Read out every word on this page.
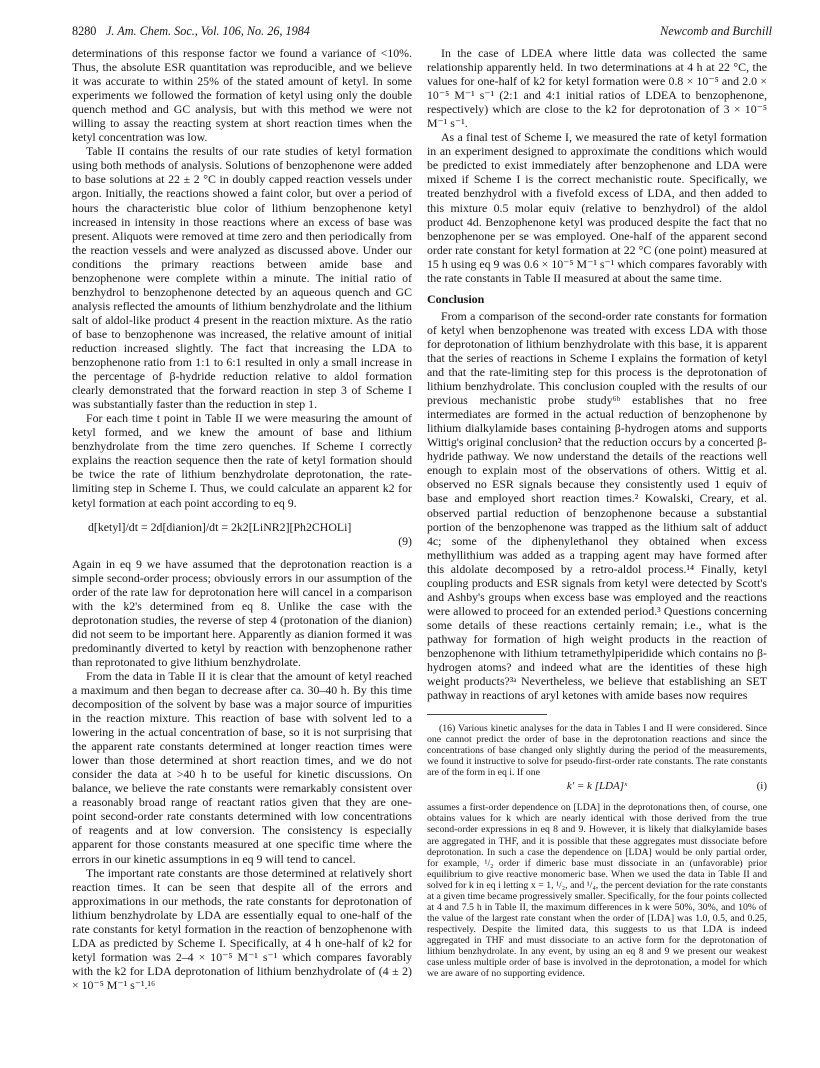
8280 J. Am. Chem. Soc., Vol. 106, No. 26, 1984	Newcomb and Burchill

determinations of this response factor we found a variance of <10%. Thus, the absolute ESR quantitation was reproducible, and we believe it was accurate to within 25% of the stated amount of ketyl. In some experiments we followed the formation of ketyl using only the double quench method and GC analysis, but with this method we were not willing to assay the reacting system at short reaction times when the ketyl concentration was low.

Table II contains the results of our rate studies of ketyl formation using both methods of analysis. Solutions of benzophenone were added to base solutions at 22 ± 2 °C in doubly capped reaction vessels under argon. Initially, the reactions showed a faint color, but over a period of hours the characteristic blue color of lithium benzophenone ketyl increased in intensity in those reactions where an excess of base was present. Aliquots were removed at time zero and then periodically from the reaction vessels and were analyzed as discussed above. Under our conditions the primary reactions between amide base and benzophenone were complete within a minute. The initial ratio of benzhydrol to benzophenone detected by an aqueous quench and GC analysis reflected the amounts of lithium benzhydrolate and the lithium salt of aldol-like product 4 present in the reaction mixture. As the ratio of base to benzophenone was increased, the relative amount of initial reduction increased slightly. The fact that increasing the LDA to benzophenone ratio from 1:1 to 6:1 resulted in only a small increase in the percentage of β-hydride reduction relative to aldol formation clearly demonstrated that the forward reaction in step 3 of Scheme I was substantially faster than the reduction in step 1.

For each time t point in Table II we were measuring the amount of ketyl formed, and we knew the amount of base and lithium benzhydrolate from the time zero quenches. If Scheme I correctly explains the reaction sequence then the rate of ketyl formation should be twice the rate of lithium benzhydrolate deprotonation, the rate-limiting step in Scheme I. Thus, we could calculate an apparent k2 for ketyl formation at each point according to eq 9.

d[ketyl]/dt = 2d[dianion]/dt = 2k2[LiNR2][Ph2CHOLi]
(9)

Again in eq 9 we have assumed that the deprotonation reaction is a simple second-order process; obviously errors in our assumption of the order of the rate law for deprotonation here will cancel in a comparison with the k2's determined from eq 8. Unlike the case with the deprotonation studies, the reverse of step 4 (protonation of the dianion) did not seem to be important here. Apparently as dianion formed it was predominantly diverted to ketyl by reaction with benzophenone rather than reprotonated to give lithium benzhydrolate.

From the data in Table II it is clear that the amount of ketyl reached a maximum and then began to decrease after ca. 30–40 h. By this time decomposition of the solvent by base was a major source of impurities in the reaction mixture. This reaction of base with solvent led to a lowering in the actual concentration of base, so it is not surprising that the apparent rate constants determined at longer reaction times were lower than those determined at short reaction times, and we do not consider the data at >40 h to be useful for kinetic discussions. On balance, we believe the rate constants were remarkably consistent over a reasonably broad range of reactant ratios given that they are one-point second-order rate constants determined with low concentrations of reagents and at low conversion. The consistency is especially apparent for those constants measured at one specific time where the errors in our kinetic assumptions in eq 9 will tend to cancel.

The important rate constants are those determined at relatively short reaction times. It can be seen that despite all of the errors and approximations in our methods, the rate constants for deprotonation of lithium benzhydrolate by LDA are essentially equal to one-half of the rate constants for ketyl formation in the reaction of benzophenone with LDA as predicted by Scheme I. Specifically, at 4 h one-half of k2 for ketyl formation was 2–4 × 10⁻⁵ M⁻¹ s⁻¹ which compares favorably with the k2 for LDA deprotonation of lithium benzhydrolate of (4 ± 2) × 10⁻⁵ M⁻¹ s⁻¹.¹⁶

In the case of LDEA where little data was collected the same relationship apparently held. In two determinations at 4 h at 22 °C, the values for one-half of k2 for ketyl formation were 0.8 × 10⁻⁵ and 2.0 × 10⁻⁵ M⁻¹ s⁻¹ (2:1 and 4:1 initial ratios of LDEA to benzophenone, respectively) which are close to the k2 for deprotonation of 3 × 10⁻⁵ M⁻¹ s⁻¹.

As a final test of Scheme I, we measured the rate of ketyl formation in an experiment designed to approximate the conditions which would be predicted to exist immediately after benzophenone and LDA were mixed if Scheme I is the correct mechanistic route. Specifically, we treated benzhydrol with a fivefold excess of LDA, and then added to this mixture 0.5 molar equiv (relative to benzhydrol) of the aldol product 4d. Benzophenone ketyl was produced despite the fact that no benzophenone per se was employed. One-half of the apparent second order rate constant for ketyl formation at 22 °C (one point) measured at 15 h using eq 9 was 0.6 × 10⁻⁵ M⁻¹ s⁻¹ which compares favorably with the rate constants in Table II measured at about the same time.

Conclusion

From a comparison of the second-order rate constants for formation of ketyl when benzophenone was treated with excess LDA with those for deprotonation of lithium benzhydrolate with this base, it is apparent that the series of reactions in Scheme I explains the formation of ketyl and that the rate-limiting step for this process is the deprotonation of lithium benzhydrolate. This conclusion coupled with the results of our previous mechanistic probe study⁶ᵇ establishes that no free intermediates are formed in the actual reduction of benzophenone by lithium dialkylamide bases containing β-hydrogen atoms and supports Wittig's original conclusion² that the reduction occurs by a concerted β-hydride pathway. We now understand the details of the reactions well enough to explain most of the observations of others. Wittig et al. observed no ESR signals because they consistently used 1 equiv of base and employed short reaction times.² Kowalski, Creary, et al. observed partial reduction of benzophenone because a substantial portion of the benzophenone was trapped as the lithium salt of adduct 4c; some of the diphenylethanol they obtained when excess methyllithium was added as a trapping agent may have formed after this aldolate decomposed by a retro-aldol process.¹⁴ Finally, ketyl coupling products and ESR signals from ketyl were detected by Scott's and Ashby's groups when excess base was employed and the reactions were allowed to proceed for an extended period.³ Questions concerning some details of these reactions certainly remain; i.e., what is the pathway for formation of high weight products in the reaction of benzophenone with lithium tetramethylpiperidide which contains no β-hydrogen atoms? and indeed what are the identities of these high weight products?³ᵃ Nevertheless, we believe that establishing an SET pathway in reactions of aryl ketones with amide bases now requires

(16) Various kinetic analyses for the data in Tables I and II were considered. Since one cannot predict the order of base in the deprotonation reactions and since the concentrations of base changed only slightly during the period of the measurements, we found it instructive to solve for pseudo-first-order rate constants. The rate constants are of the form in eq i. If one

k′ = k [LDA]ˣ	(i)

assumes a first-order dependence on [LDA] in the deprotonations then, of course, one obtains values for k which are nearly identical with those derived from the true second-order expressions in eq 8 and 9. However, it is likely that dialkylamide bases are aggregated in THF, and it is possible that these aggregates must dissociate before deprotonation. In such a case the dependence on [LDA] would be only partial order, for example, ¹/₂ order if dimeric base must dissociate in an (unfavorable) prior equilibrium to give reactive monomeric base. When we used the data in Table II and solved for k in eq i letting x = 1, ¹/₂, and ¹/₄, the percent deviation for the rate constants at a given time became progressively smaller. Specifically, for the four points collected at 4 and 7.5 h in Table II, the maximum differences in k were 50%, 30%, and 10% of the value of the largest rate constant when the order of [LDA] was 1.0, 0.5, and 0.25, respectively. Despite the limited data, this suggests to us that LDA is indeed aggregated in THF and must dissociate to an active form for the deprotonation of lithium benzhydrolate. In any event, by using an eq 8 and 9 we present our weakest case unless multiple order of base is involved in the deprotonation, a model for which we are aware of no supporting evidence.
